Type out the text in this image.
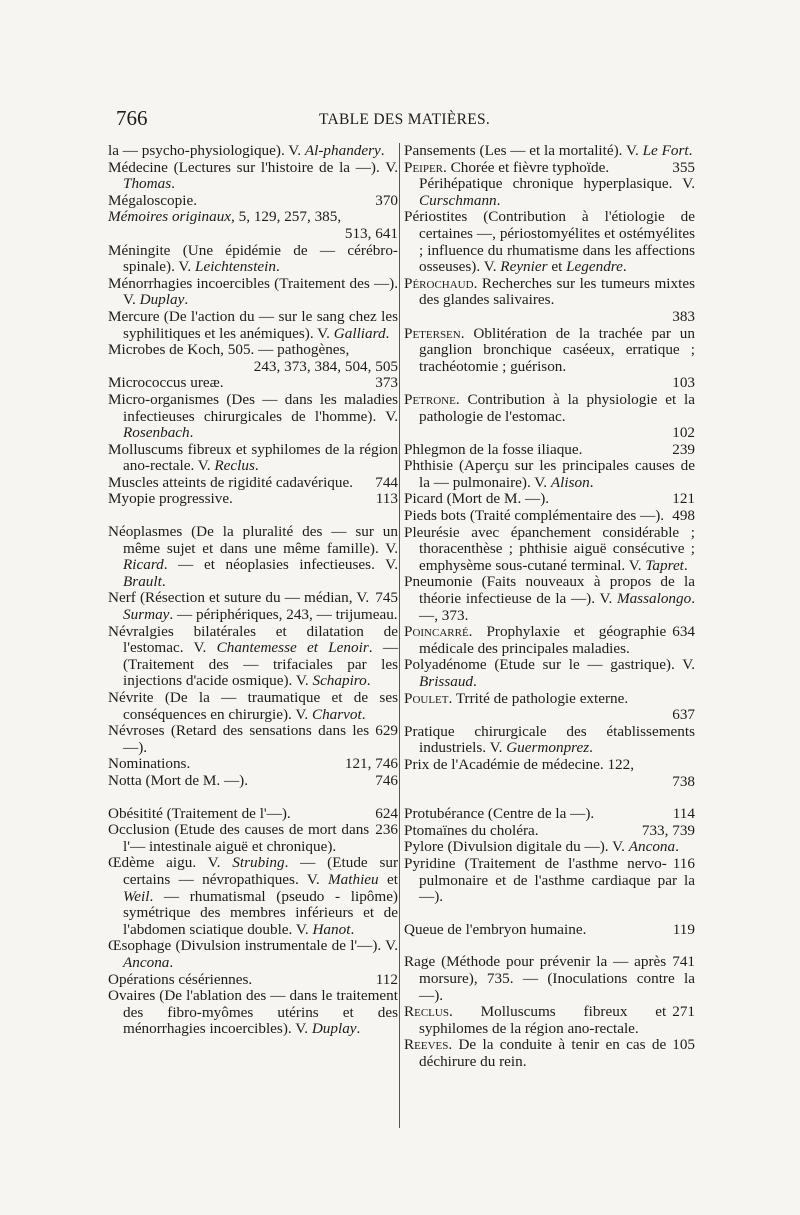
766	TABLE DES MATIÈRES.

la — psycho-physiologique). V. Al-phandery.

Médecine (Lectures sur l'histoire de la —). V. Thomas.

370
Mégaloscopie.

Mémoires originaux, 5, 129, 257, 385,
513, 641

Méningite (Une épidémie de — cérébro-spinale). V. Leichtenstein.

Ménorrhagies incoercibles (Traitement des —). V. Duplay.

Mercure (De l'action du — sur le sang chez les syphilitiques et les anémiques). V. Galliard.

Microbes de Koch, 505. — pathogènes,
243, 373, 384, 504, 505

373
Micrococcus ureæ.

Micro-organismes (Des — dans les maladies infectieuses chirurgicales de l'homme). V. Rosenbach.

Molluscums fibreux et syphilomes de la région ano-rectale. V. Reclus.

744
Muscles atteints de rigidité cadavérique.

113
Myopie progressive.

Néoplasmes (De la pluralité des — sur un même sujet et dans une même famille). V. Ricard. — et néoplasies infectieuses. V. Brault.

745
Nerf (Résection et suture du — médian, V. Surmay. — périphériques, 243, — trijumeau.

Névralgies bilatérales et dilatation de l'estomac. V. Chantemesse et Lenoir. — (Traitement des — trifaciales par les injections d'acide osmique). V. Schapiro.

Névrite (De la — traumatique et de ses conséquences en chirurgie). V. Charvot.

629
Névroses (Retard des sensations dans les —).

121, 746
Nominations.

746
Notta (Mort de M. —).

624
Obésitité (Traitement de l'—).

236
Occlusion (Etude des causes de mort dans l'— intestinale aiguë et chronique).

Œdème aigu. V. Strubing. — (Etude sur certains — névropathiques. V. Mathieu et Weil. — rhumatismal (pseudo - lipôme) symétrique des membres inférieurs et de l'abdomen sciatique double. V. Hanot.

Œsophage (Divulsion instrumentale de l'—). V. Ancona.

112
Opérations césériennes.

Ovaires (De l'ablation des — dans le traitement des fibro-myômes utérins et des ménorrhagies incoercibles). V. Duplay.

Pansements (Les — et la mortalité). V. Le Fort.

355
Peiper. Chorée et fièvre typhoïde.

Périhépatique chronique hyperplasique. V. Curschmann.

Périostites (Contribution à l'étiologie de certaines —, périostomyélites et ostémyélites ; influence du rhumatisme dans les affections osseuses). V. Reynier et Legendre.

Pérochaud. Recherches sur les tumeurs mixtes des glandes salivaires.
383

Petersen. Oblitération de la trachée par un ganglion bronchique caséeux, erratique ; trachéotomie ; guérison.
103

Petrone. Contribution à la physiologie et la pathologie de l'estomac.
102

239
Phlegmon de la fosse iliaque.

Phthisie (Aperçu sur les principales causes de la — pulmonaire). V. Alison.

121
Picard (Mort de M. —).

498
Pieds bots (Traité complémentaire des —).

Pleurésie avec épanchement considérable ; thoracenthèse ; phthisie aiguë consécutive ; emphysème sous-cutané terminal. V. Tapret.

Pneumonie (Faits nouveaux à propos de la théorie infectieuse de la —). V. Massalongo. —, 373.

634
Poincarré. Prophylaxie et géographie médicale des principales maladies.

Polyadénome (Etude sur le — gastrique). V. Brissaud.

Poulet. Trrité de pathologie externe.
637

Pratique chirurgicale des établissements industriels. V. Guermonprez.

Prix de l'Académie de médecine. 122,
738

114
Protubérance (Centre de la —).

733, 739
Ptomaïnes du choléra.

Pylore (Divulsion digitale du —). V. Ancona.

116
Pyridine (Traitement de l'asthme nervo-pulmonaire et de l'asthme cardiaque par la —).

119
Queue de l'embryon humaine.

741
Rage (Méthode pour prévenir la — après morsure), 735. — (Inoculations contre la —).

271
Reclus. Molluscums fibreux et syphilomes de la région ano-rectale.

105
Reeves. De la conduite à tenir en cas de déchirure du rein.
